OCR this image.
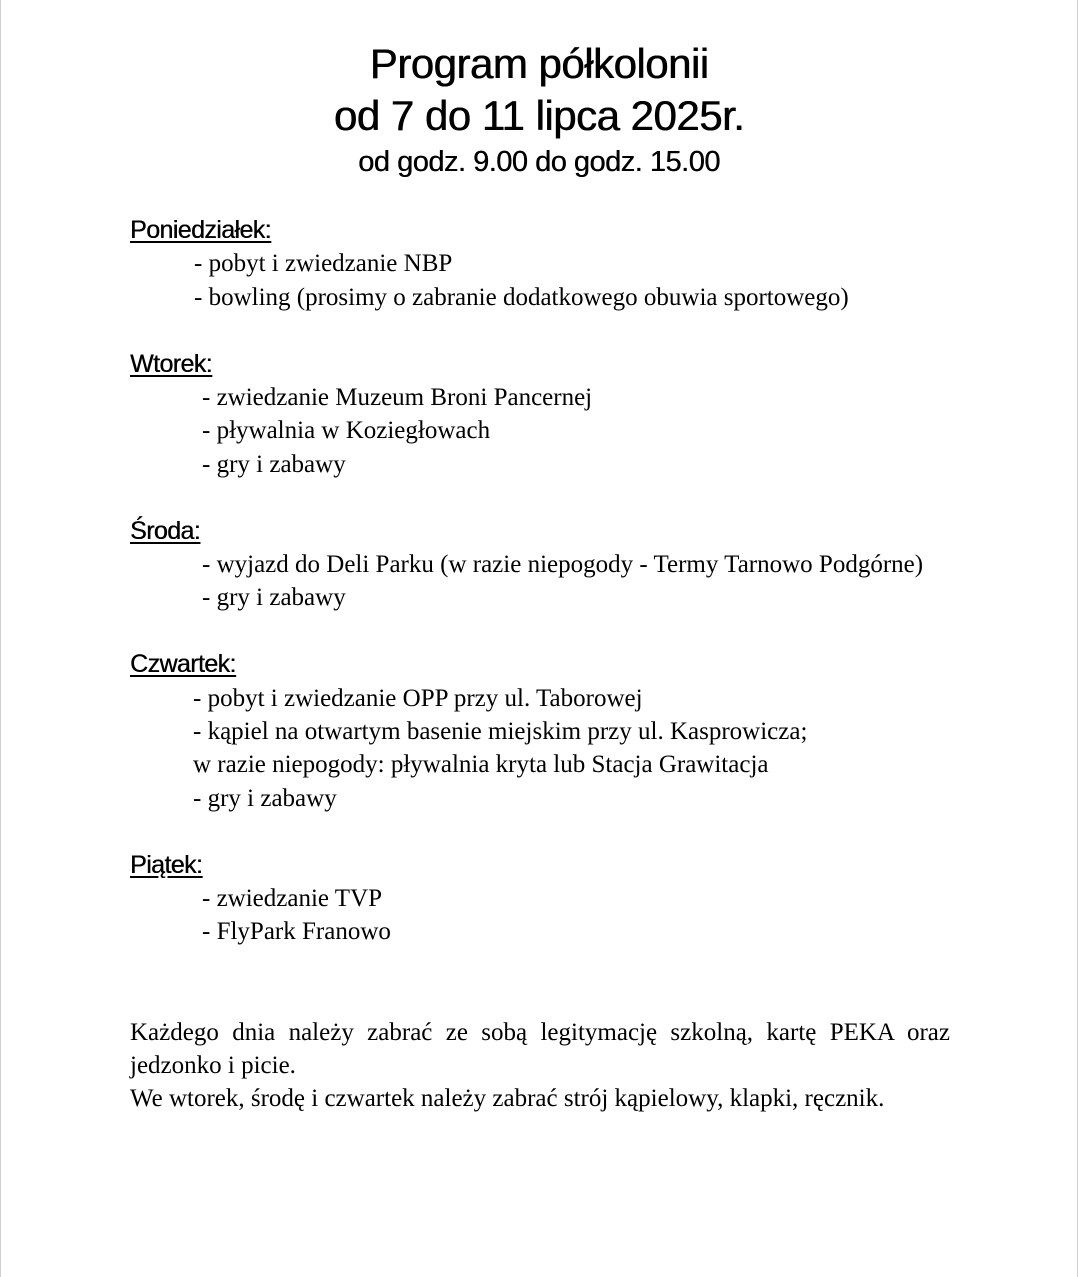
Program półkolonii
od 7 do 11 lipca 2025r.
od godz. 9.00 do godz. 15.00
Poniedziałek:
- pobyt i zwiedzanie NBP
- bowling (prosimy o zabranie dodatkowego obuwia sportowego)
Wtorek:
- zwiedzanie Muzeum Broni Pancernej
- pływalnia w Koziegłowach
- gry i zabawy
Środa:
- wyjazd do Deli Parku (w razie niepogody - Termy Tarnowo Podgórne)
- gry i zabawy
Czwartek:
- pobyt i zwiedzanie OPP przy ul. Taborowej
- kąpiel na otwartym basenie miejskim przy ul. Kasprowicza;
w razie niepogody: pływalnia kryta lub Stacja Grawitacja
- gry i zabawy
Piątek:
- zwiedzanie TVP
- FlyPark Franowo

Każdego dnia należy zabrać ze sobą legitymację szkolną, kartę PEKA oraz jedzonko i picie.

We wtorek, środę i czwartek należy zabrać strój kąpielowy, klapki, ręcznik.
